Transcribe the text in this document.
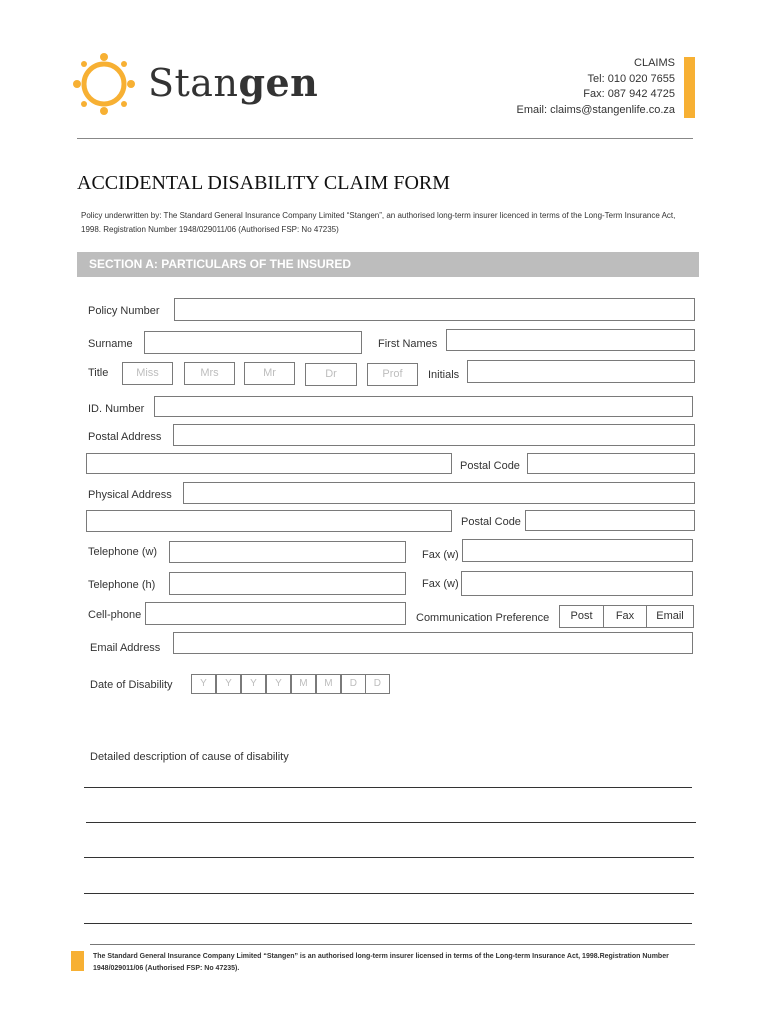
Stangen	CLAIMS
Tel: 010 020 7655
Fax: 087 942 4725
Email: claims@stangenlife.co.za
ACCIDENTAL DISABILITY CLAIM FORM
Policy underwritten by: The Standard General Insurance Company Limited “Stangen”, an authorised long-term insurer licenced in terms of the Long-Term Insurance Act, 1998. Registration Number 1948/029011/06 (Authorised FSP: No 47235)
SECTION A: PARTICULARS OF THE INSURED
Policy Number
Surname	First Names
Title	Miss	Mrs	Mr	Dr	Prof	Initials
ID. Number
Postal Address
Postal Code
Physical Address
Postal Code
Telephone (w)	Fax (w)
Telephone (h)	Fax (w)
Cell-phone	Communication Preference	Post	Fax	Email
Email Address
Date of Disability	Y	Y	Y	Y	M	M	D	D
Detailed description of cause of disability
The Standard General Insurance Company Limited “Stangen” is an authorised long-term insurer licensed in terms of the Long-term Insurance Act, 1998.Registration Number 1948/029011/06 (Authorised FSP: No 47235).
